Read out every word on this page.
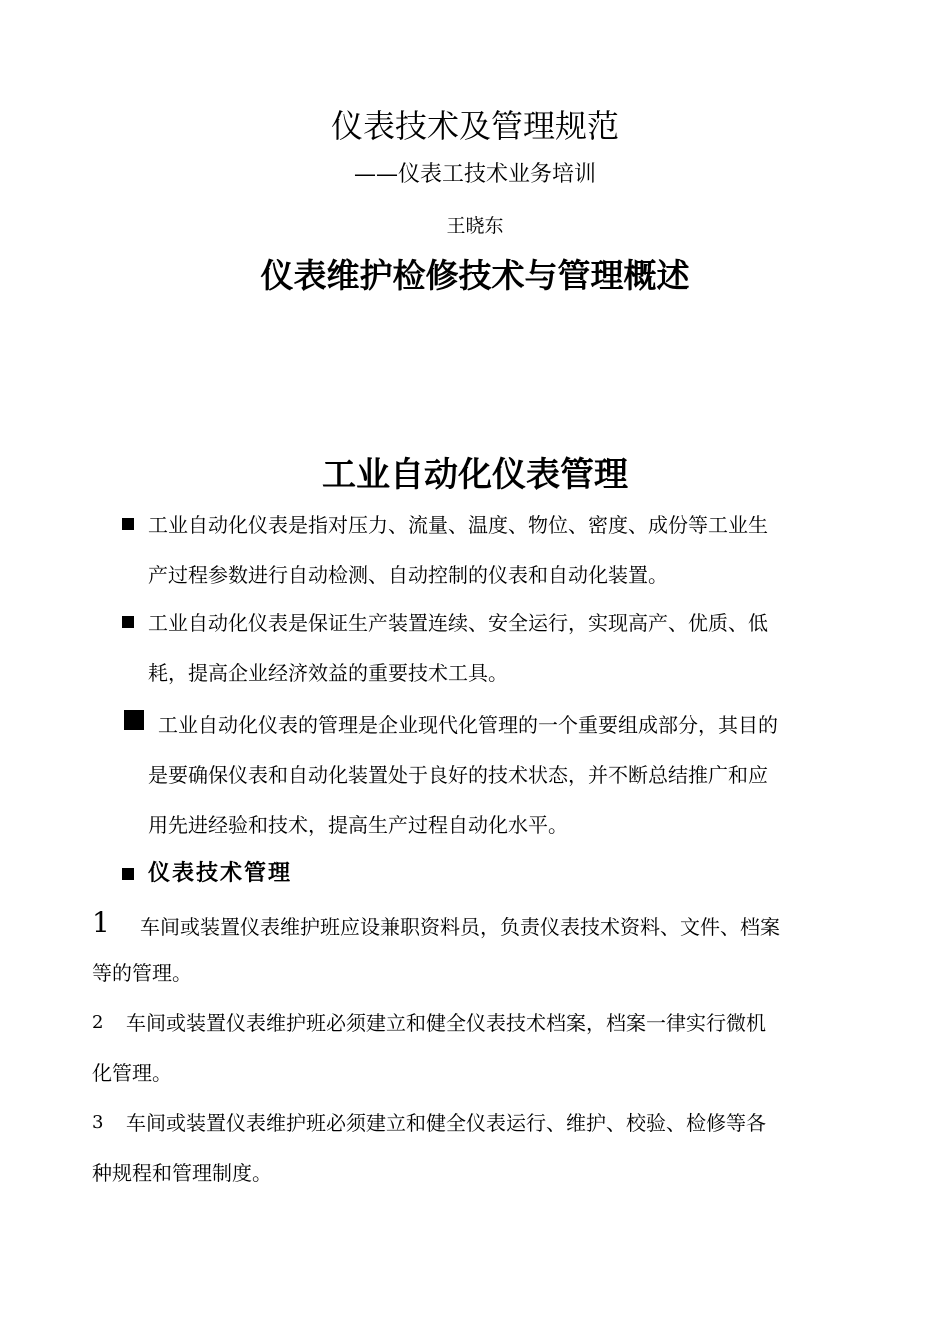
仪表技术及管理规范
——仪表工技术业务培训
王晓东
仪表维护检修技术与管理概述
工业自动化仪表管理
工业自动化仪表是指对压力、流量、温度、物位、密度、成份等工业生
产过程参数进行自动检测、自动控制的仪表和自动化装置。
工业自动化仪表是保证生产装置连续、安全运行，实现高产、优质、低
耗，提高企业经济效益的重要技术工具。
工业自动化仪表的管理是企业现代化管理的一个重要组成部分，其目的
是要确保仪表和自动化装置处于良好的技术状态，并不断总结推广和应
用先进经验和技术，提高生产过程自动化水平。
仪表技术管理
1 车间或装置仪表维护班应设兼职资料员，负责仪表技术资料、文件、档案
等的管理。
2 车间或装置仪表维护班必须建立和健全仪表技术档案，档案一律实行微机
化管理。
3 车间或装置仪表维护班必须建立和健全仪表运行、维护、校验、检修等各
种规程和管理制度。
